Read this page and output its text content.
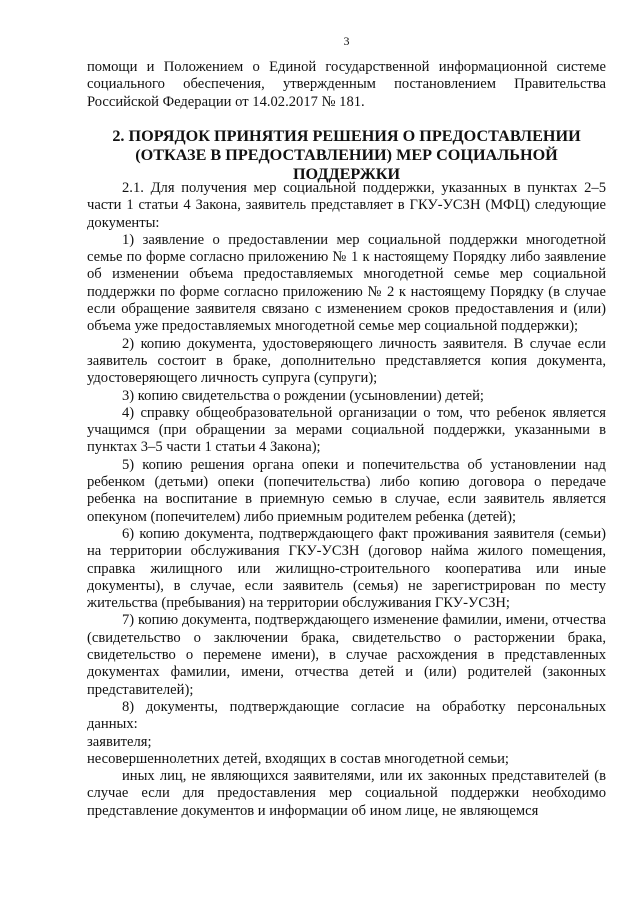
3

помощи и Положением о Единой государственной информационной системе социального обеспечения, утвержденным постановлением Правительства Российской Федерации от 14.02.2017 № 181.

2. ПОРЯДОК ПРИНЯТИЯ РЕШЕНИЯ О ПРЕДОСТАВЛЕНИИ
(ОТКАЗЕ В ПРЕДОСТАВЛЕНИИ) МЕР СОЦИАЛЬНОЙ ПОДДЕРЖКИ

2.1. Для получения мер социальной поддержки, указанных в пунктах 2–5 части 1 статьи 4 Закона, заявитель представляет в ГКУ-УСЗН (МФЦ) следующие документы:

1) заявление о предоставлении мер социальной поддержки многодетной семье по форме согласно приложению № 1 к настоящему Порядку либо заявление об изменении объема предоставляемых многодетной семье мер социальной поддержки по форме согласно приложению № 2 к настоящему Порядку (в случае если обращение заявителя связано с изменением сроков предоставления и (или) объема уже предоставляемых многодетной семье мер социальной поддержки);

2) копию документа, удостоверяющего личность заявителя. В случае если заявитель состоит в браке, дополнительно представляется копия документа, удостоверяющего личность супруга (супруги);

3) копию свидетельства о рождении (усыновлении) детей;

4) справку общеобразовательной организации о том, что ребенок является учащимся (при обращении за мерами социальной поддержки, указанными в пунктах 3–5 части 1 статьи 4 Закона);

5) копию решения органа опеки и попечительства об установлении над ребенком (детьми) опеки (попечительства) либо копию договора о передаче ребенка на воспитание в приемную семью в случае, если заявитель является опекуном (попечителем) либо приемным родителем ребенка (детей);

6) копию документа, подтверждающего факт проживания заявителя (семьи) на территории обслуживания ГКУ-УСЗН (договор найма жилого помещения, справка жилищного или жилищно-строительного кооператива или иные документы), в случае, если заявитель (семья) не зарегистрирован по месту жительства (пребывания) на территории обслуживания ГКУ-УСЗН;

7) копию документа, подтверждающего изменение фамилии, имени, отчества (свидетельство о заключении брака, свидетельство о расторжении брака, свидетельство о перемене имени), в случае расхождения в представленных документах фамилии, имени, отчества детей и (или) родителей (законных представителей);

8) документы, подтверждающие согласие на обработку персональных данных:

заявителя;

несовершеннолетних детей, входящих в состав многодетной семьи;

иных лиц, не являющихся заявителями, или их законных представителей (в случае если для предоставления мер социальной поддержки необходимо представление документов и информации об ином лице, не являющемся
